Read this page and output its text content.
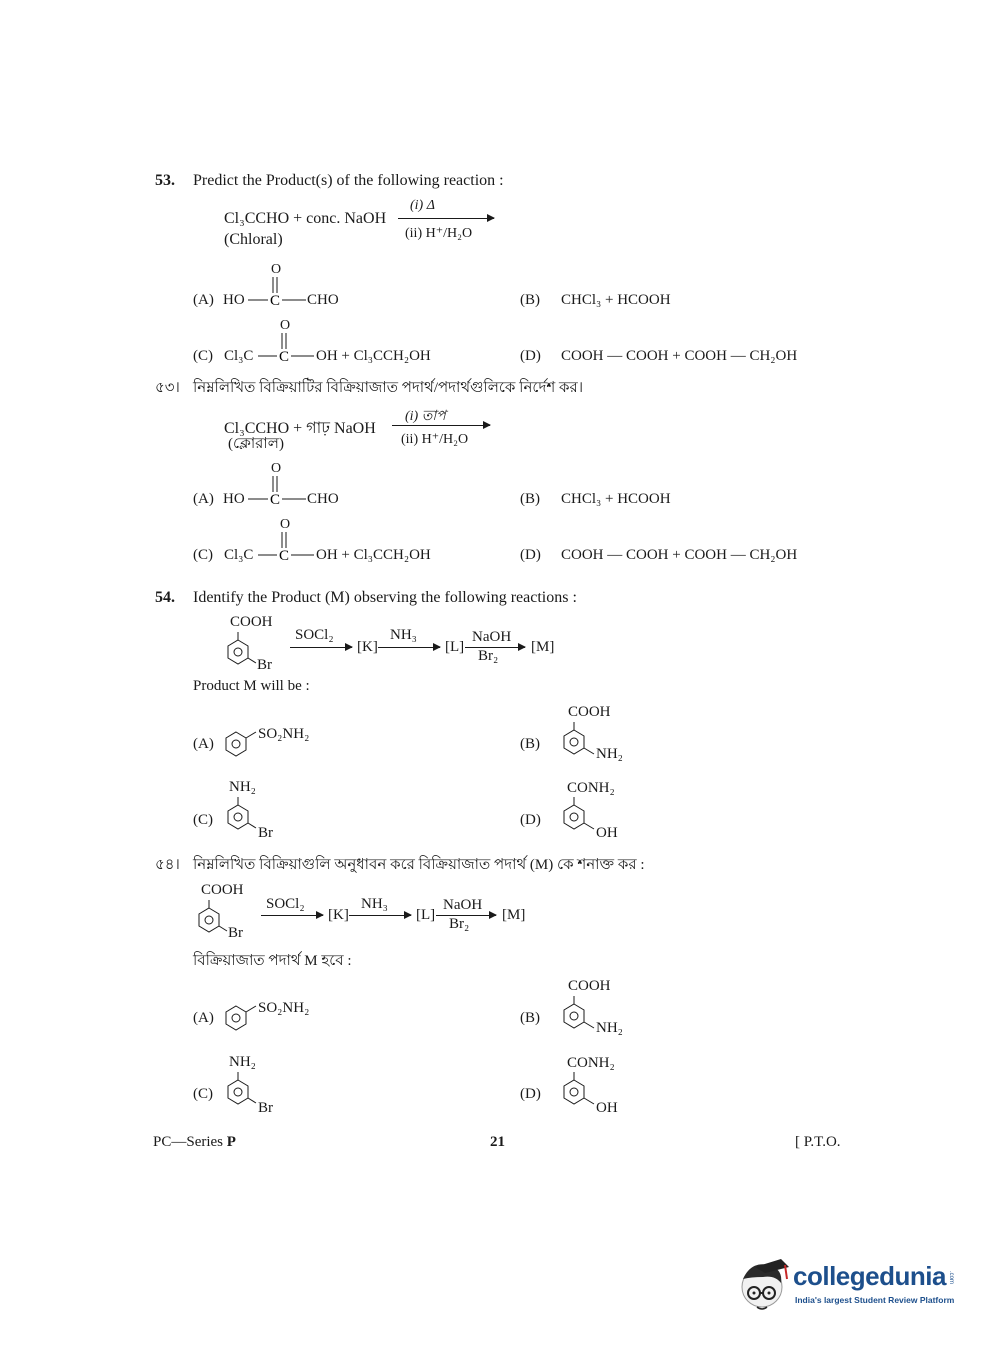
53. Predict the Product(s) of the following reaction :
Cl₃CCHO + conc. NaOH
(Chloral)
(i) Δ
(ii) H⁺/H₂O
(A) HO
O
C CHO	(B) CHCl₃ + HCOOH
(C) Cl₃C
O
C OH + Cl₃CCH₂OH	(D) COOH — COOH + COOH — CH₂OH
৫৩। নিম্নলিখিত বিক্রিয়াটির বিক্রিয়াজাত পদার্থ/পদার্থগুলিকে নির্দেশ কর।
Cl₃CCHO + গাঢ় NaOH
(ক্লোরাল)
(i) তাপ
(ii) H⁺/H₂O
(A) HO
O
C CHO	(B) CHCl₃ + HCOOH
(C) Cl₃C
O
C OH + Cl₃CCH₂OH	(D) COOH — COOH + COOH — CH₂OH
54. Identify the Product (M) observing the following reactions :
COOH
Br
SOCl₂
[K]
NH₃
[L]
NaOH
Br₂
[M]
Product M will be :
(A)
SO₂NH₂
(B)
COOH
NH₂
(C)
NH₂
Br
(D)
CONH₂
OH
৫৪। নিম্নলিখিত বিক্রিয়াগুলি অনুধাবন করে বিক্রিয়াজাত পদার্থ (M) কে শনাক্ত কর :
COOH
Br
SOCl₂
[K]
NH₃
[L]
NaOH
Br₂
[M]
বিক্রিয়াজাত পদার্থ M হবে :
(A)
SO₂NH₂
(B)
COOH
NH₂
(C)
NH₂
Br
(D)
CONH₂
OH
PC—Series P	21	[ P.T.O.
collegedunia .com
India's largest Student Review Platform
